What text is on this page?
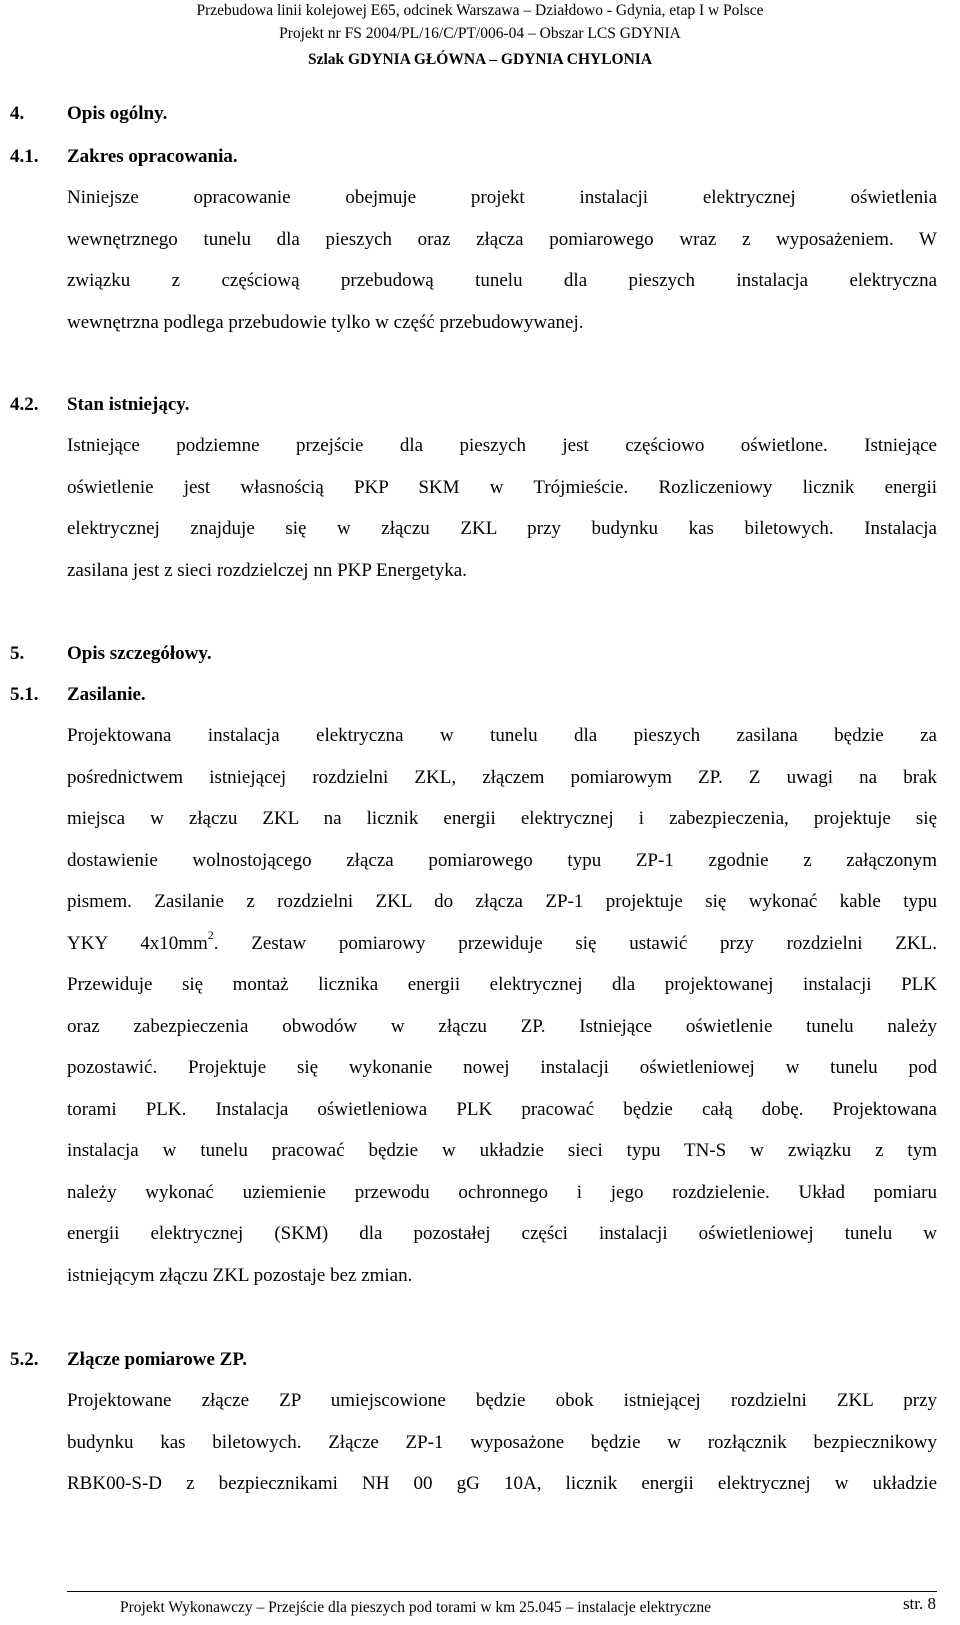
Przebudowa linii kolejowej E65, odcinek Warszawa – Działdowo - Gdynia, etap I w Polsce
Projekt nr FS 2004/PL/16/C/PT/006-04 – Obszar LCS GDYNIA
Szlak GDYNIA GŁÓWNA – GDYNIA CHYLONIA
4. Opis ogólny.
4.1. Zakres opracowania.
Niniejsze opracowanie obejmuje projekt instalacji elektrycznej oświetlenia
wewnętrznego tunelu dla pieszych oraz złącza pomiarowego wraz z wyposażeniem. W
związku z częściową przebudową tunelu dla pieszych instalacja elektryczna
wewnętrzna podlega przebudowie tylko w część przebudowywanej.
4.2. Stan istniejący.
Istniejące podziemne przejście dla pieszych jest częściowo oświetlone. Istniejące
oświetlenie jest własnością PKP SKM w Trójmieście. Rozliczeniowy licznik energii
elektrycznej znajduje się w złączu ZKL przy budynku kas biletowych. Instalacja
zasilana jest z sieci rozdzielczej nn PKP Energetyka.
5. Opis szczegółowy.
5.1. Zasilanie.
Projektowana instalacja elektryczna w tunelu dla pieszych zasilana będzie za
pośrednictwem istniejącej rozdzielni ZKL, złączem pomiarowym ZP. Z uwagi na brak
miejsca w złączu ZKL na licznik energii elektrycznej i zabezpieczenia, projektuje się
dostawienie wolnostojącego złącza pomiarowego typu ZP-1 zgodnie z załączonym
pismem. Zasilanie z rozdzielni ZKL do złącza ZP-1 projektuje się wykonać kable typu
YKY $4x10mm^2$. Zestaw pomiarowy przewiduje się ustawić przy rozdzielni ZKL.
Przewiduje się montaż licznika energii elektrycznej dla projektowanej instalacji PLK
oraz zabezpieczenia obwodów w złączu ZP. Istniejące oświetlenie tunelu należy
pozostawić. Projektuje się wykonanie nowej instalacji oświetleniowej w tunelu pod
torami PLK. Instalacja oświetleniowa PLK pracować będzie całą dobę. Projektowana
instalacja w tunelu pracować będzie w układzie sieci typu TN-S w związku z tym
należy wykonać uziemienie przewodu ochronnego i jego rozdzielenie. Układ pomiaru
energii elektrycznej (SKM) dla pozostałej części instalacji oświetleniowej tunelu w
istniejącym złączu ZKL pozostaje bez zmian.
5.2. Złącze pomiarowe ZP.
Projektowane złącze ZP umiejscowione będzie obok istniejącej rozdzielni ZKL przy
budynku kas biletowych. Złącze ZP-1 wyposażone będzie w rozłącznik bezpiecznikowy
RBK00-S-D z bezpiecznikami NH 00 gG 10A, licznik energii elektrycznej w układzie
Projekt Wykonawczy – Przejście dla pieszych pod torami w km 25.045 – instalacje elektryczne	str. 8
